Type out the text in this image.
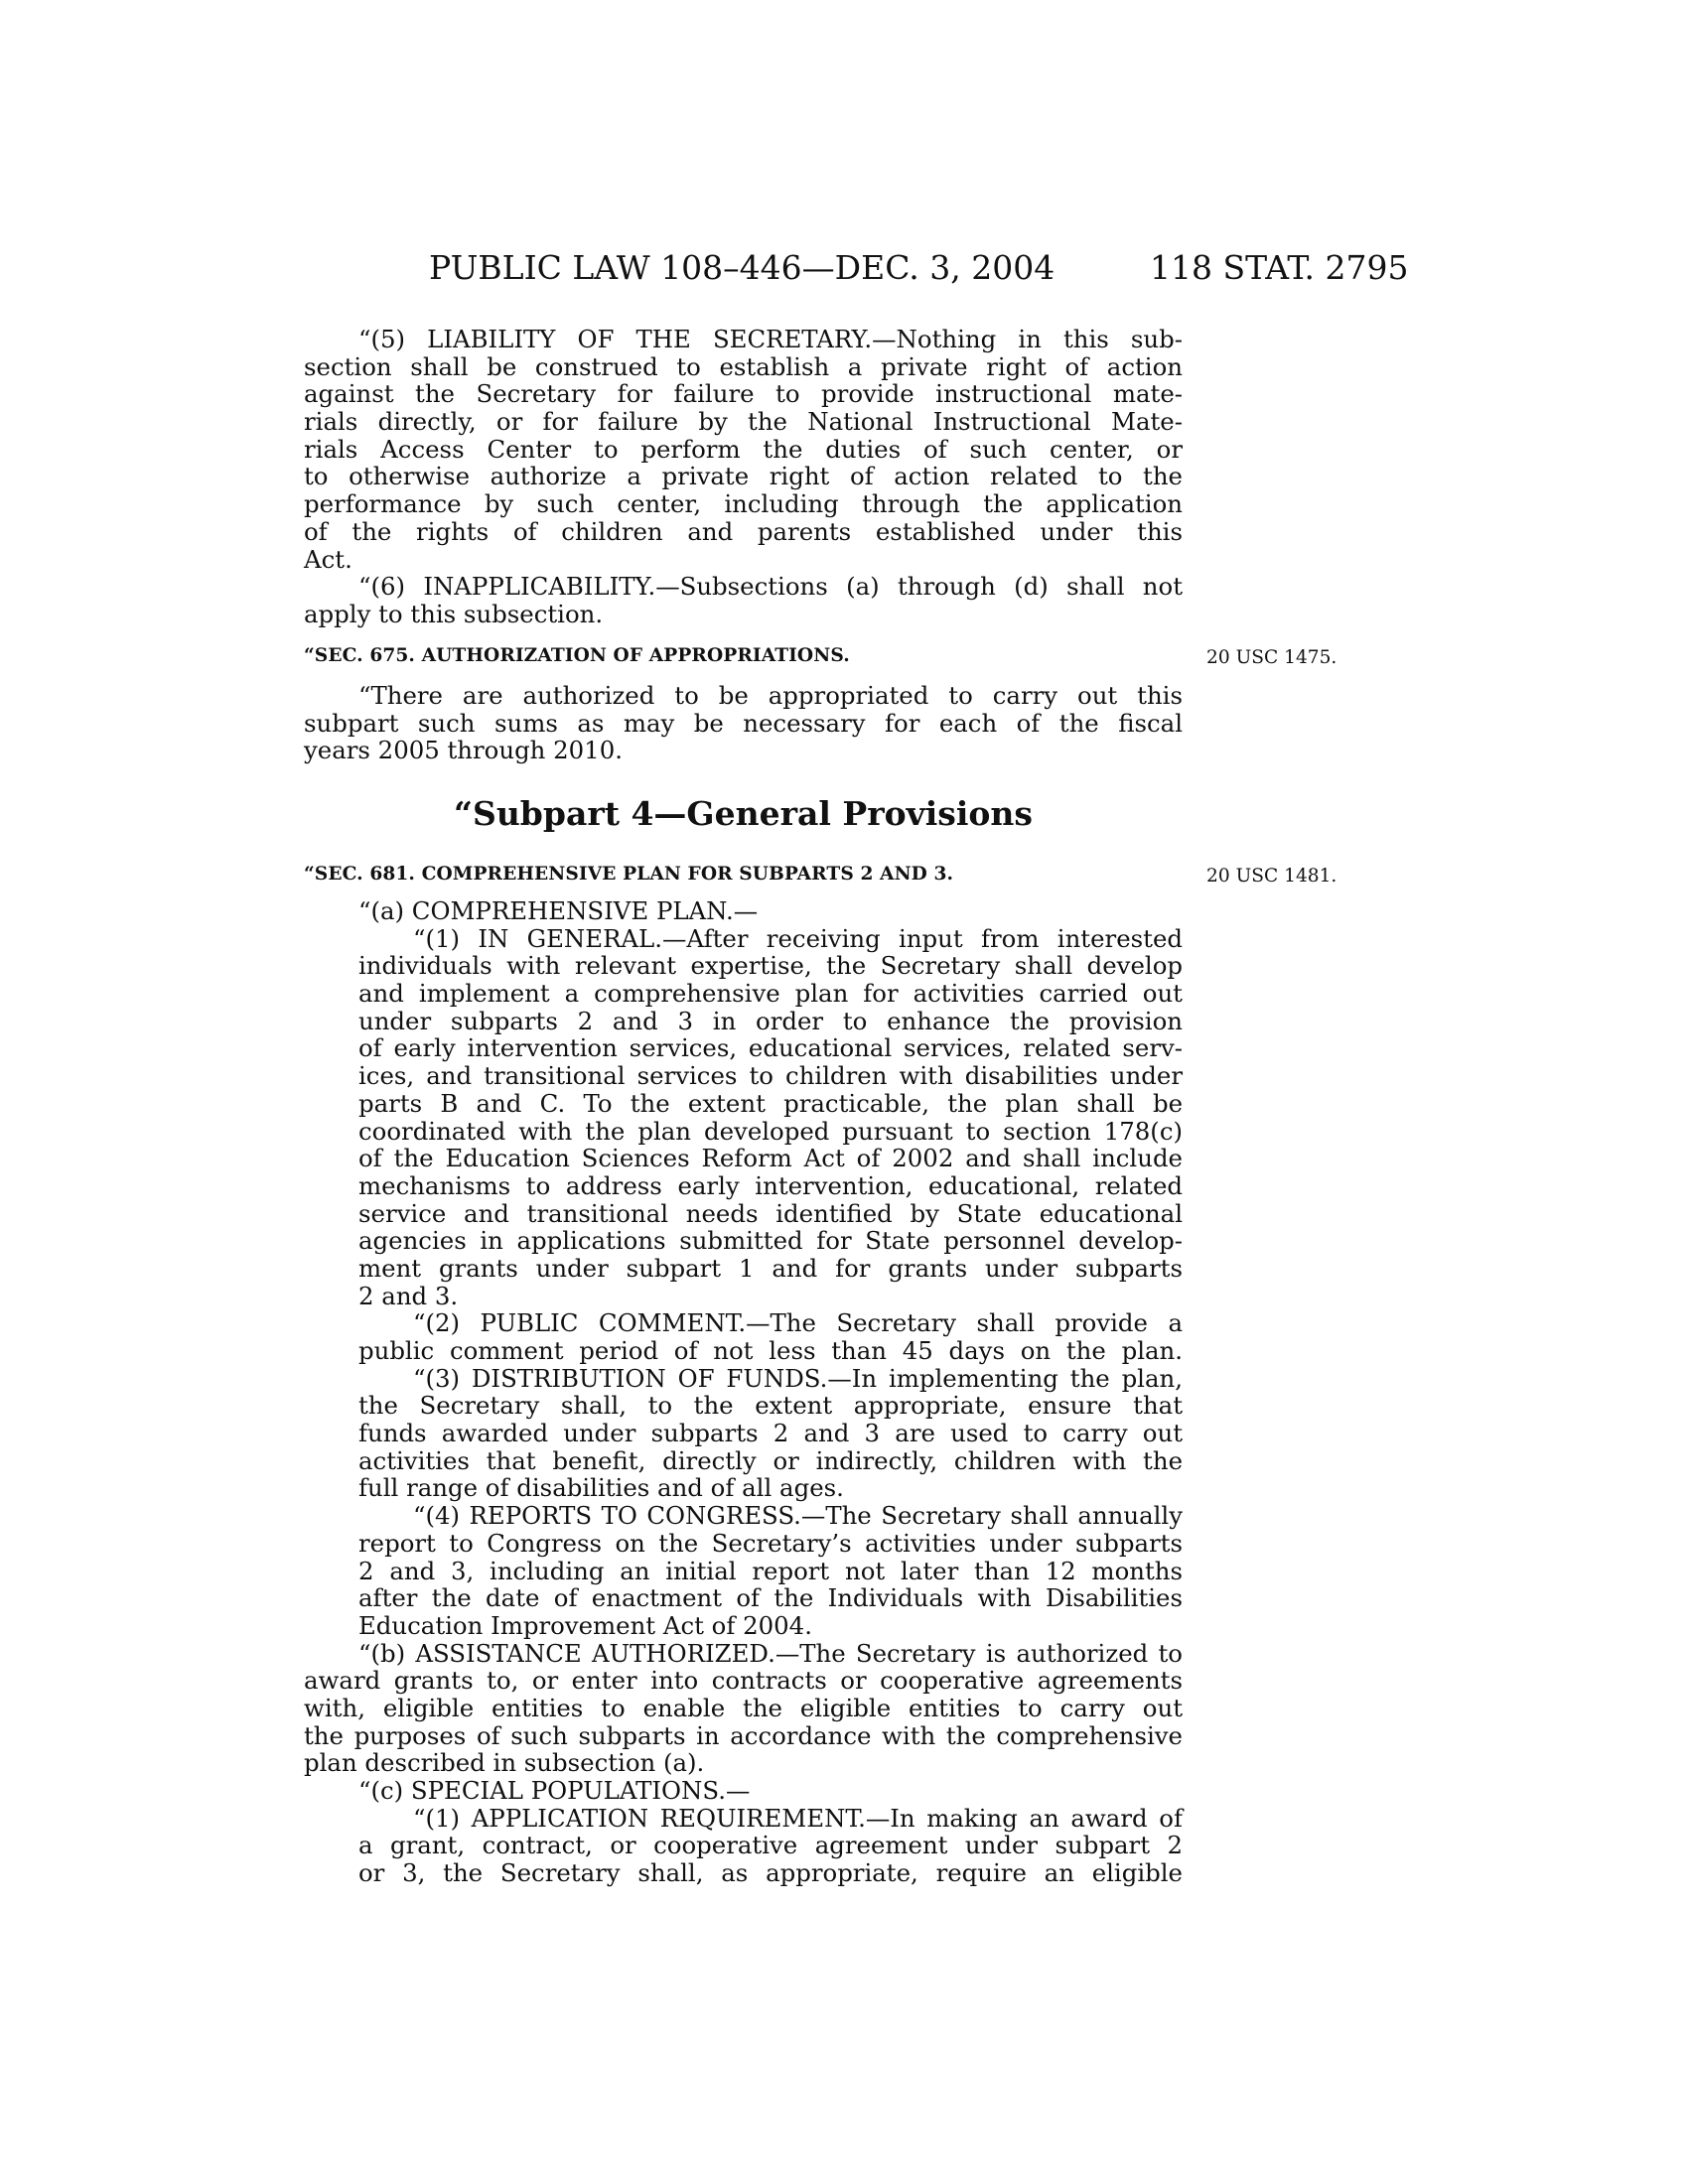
PUBLIC LAW 108–446—DEC. 3, 2004	118 STAT. 2795
“(5) LIABILITY OF THE SECRETARY.—Nothing in this sub-
section shall be construed to establish a private right of action
against the Secretary for failure to provide instructional mate-
rials directly, or for failure by the National Instructional Mate-
rials Access Center to perform the duties of such center, or
to otherwise authorize a private right of action related to the
performance by such center, including through the application
of the rights of children and parents established under this
Act.
“(6) INAPPLICABILITY.—Subsections (a) through (d) shall not
apply to this subsection.
“SEC. 675. AUTHORIZATION OF APPROPRIATIONS.	20 USC 1475.
“There are authorized to be appropriated to carry out this
subpart such sums as may be necessary for each of the fiscal
years 2005 through 2010.
“Subpart 4—General Provisions
“SEC. 681. COMPREHENSIVE PLAN FOR SUBPARTS 2 AND 3.	20 USC 1481.
“(a) COMPREHENSIVE PLAN.—
“(1) IN GENERAL.—After receiving input from interested
individuals with relevant expertise, the Secretary shall develop
and implement a comprehensive plan for activities carried out
under subparts 2 and 3 in order to enhance the provision
of early intervention services, educational services, related serv-
ices, and transitional services to children with disabilities under
parts B and C. To the extent practicable, the plan shall be
coordinated with the plan developed pursuant to section 178(c)
of the Education Sciences Reform Act of 2002 and shall include
mechanisms to address early intervention, educational, related
service and transitional needs identified by State educational
agencies in applications submitted for State personnel develop-
ment grants under subpart 1 and for grants under subparts
2 and 3.
“(2) PUBLIC COMMENT.—The Secretary shall provide a
public comment period of not less than 45 days on the plan.
“(3) DISTRIBUTION OF FUNDS.—In implementing the plan,
the Secretary shall, to the extent appropriate, ensure that
funds awarded under subparts 2 and 3 are used to carry out
activities that benefit, directly or indirectly, children with the
full range of disabilities and of all ages.
“(4) REPORTS TO CONGRESS.—The Secretary shall annually
report to Congress on the Secretary’s activities under subparts
2 and 3, including an initial report not later than 12 months
after the date of enactment of the Individuals with Disabilities
Education Improvement Act of 2004.
“(b) ASSISTANCE AUTHORIZED.—The Secretary is authorized to
award grants to, or enter into contracts or cooperative agreements
with, eligible entities to enable the eligible entities to carry out
the purposes of such subparts in accordance with the comprehensive
plan described in subsection (a).
“(c) SPECIAL POPULATIONS.—
“(1) APPLICATION REQUIREMENT.—In making an award of
a grant, contract, or cooperative agreement under subpart 2
or 3, the Secretary shall, as appropriate, require an eligible
